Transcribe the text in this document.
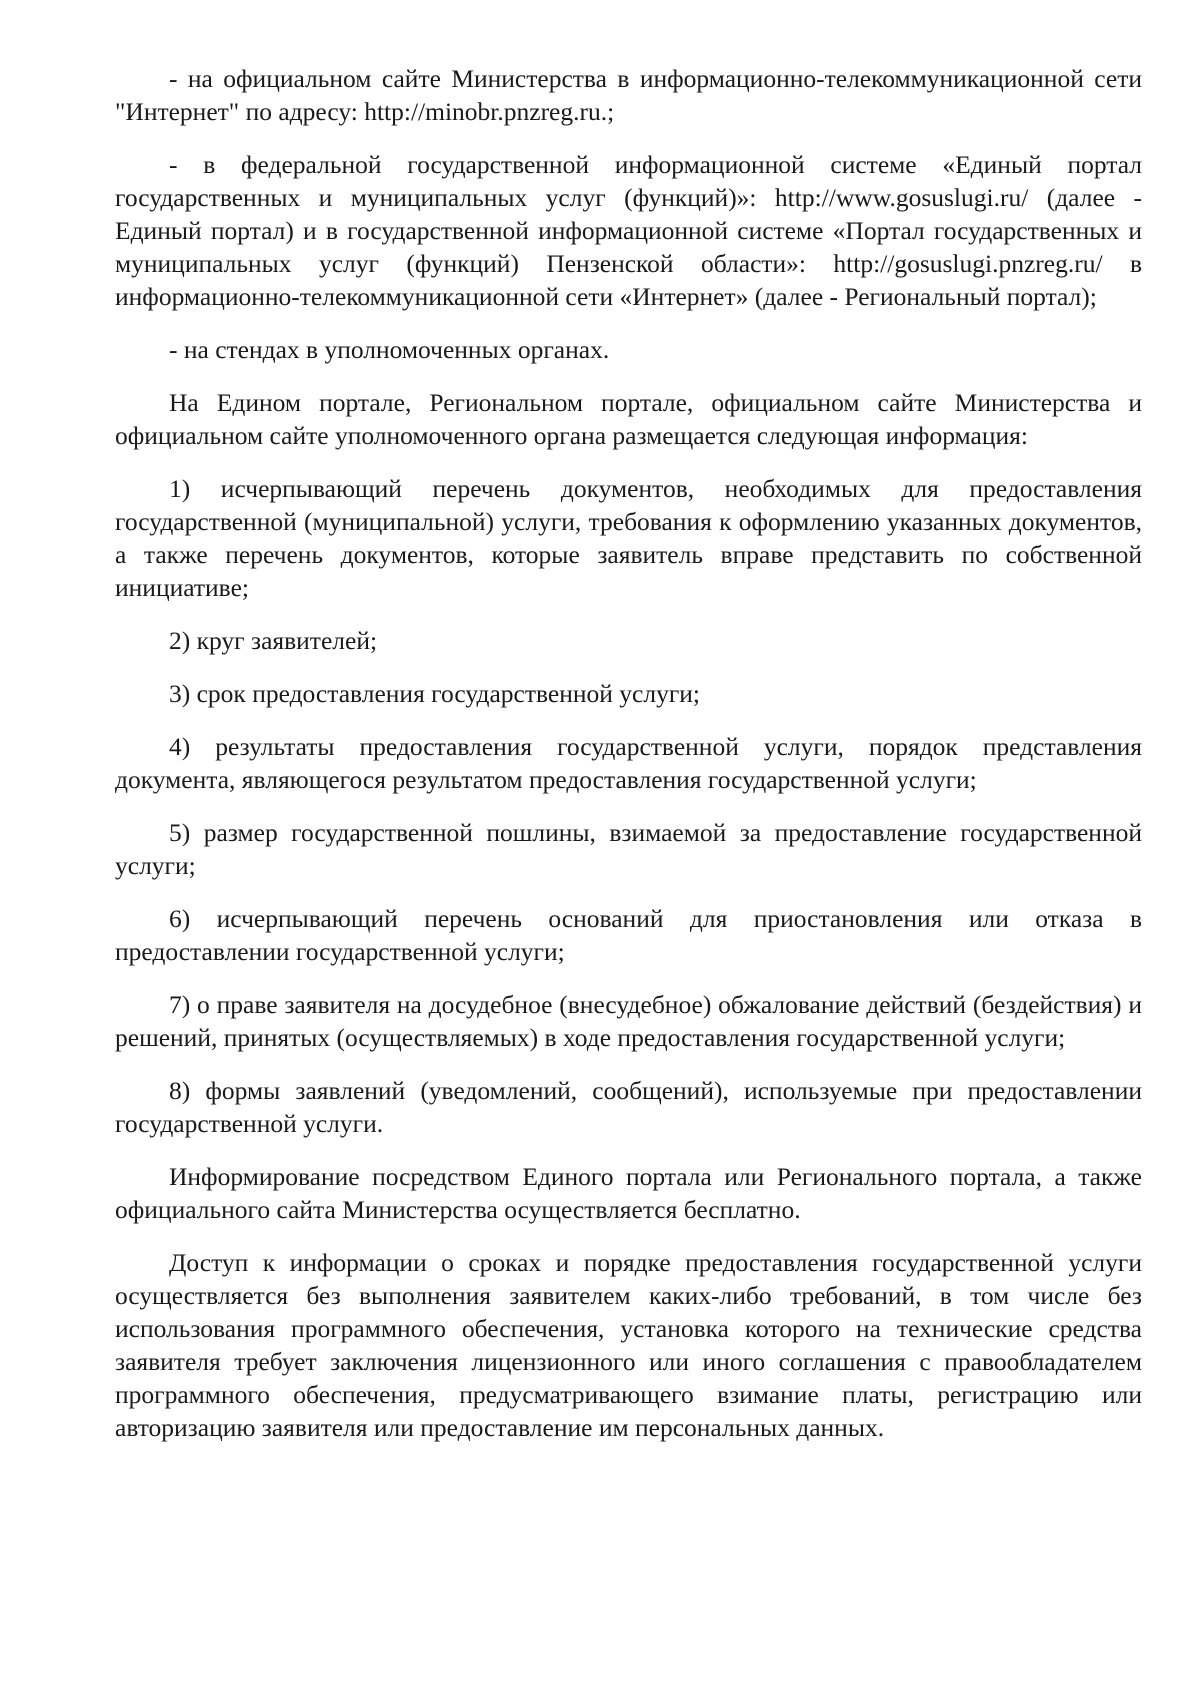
- на официальном сайте Министерства в информационно-телекоммуникационной сети "Интернет" по адресу: http://minobr.pnzreg.ru.;

- в федеральной государственной информационной системе «Единый портал государственных и муниципальных услуг (функций)»: http://www.gosuslugi.ru/ (далее - Единый портал) и в государственной информационной системе «Портал государственных и муниципальных услуг (функций) Пензенской области»: http://gosuslugi.pnzreg.ru/ в информационно-телекоммуникационной сети «Интернет» (далее - Региональный портал);

- на стендах в уполномоченных органах.

На Едином портале, Региональном портале, официальном сайте Министерства и официальном сайте уполномоченного органа размещается следующая информация:

1) исчерпывающий перечень документов, необходимых для предоставления государственной (муниципальной) услуги, требования к оформлению указанных документов, а также перечень документов, которые заявитель вправе представить по собственной инициативе;

2) круг заявителей;

3) срок предоставления государственной услуги;

4) результаты предоставления государственной услуги, порядок представления документа, являющегося результатом предоставления государственной услуги;

5) размер государственной пошлины, взимаемой за предоставление государственной услуги;

6) исчерпывающий перечень оснований для приостановления или отказа в предоставлении государственной услуги;

7) о праве заявителя на досудебное (внесудебное) обжалование действий (бездействия) и решений, принятых (осуществляемых) в ходе предоставления государственной услуги;

8) формы заявлений (уведомлений, сообщений), используемые при предоставлении государственной услуги.

Информирование посредством Единого портала или Регионального портала, а также официального сайта Министерства осуществляется бесплатно.

Доступ к информации о сроках и порядке предоставления государственной услуги осуществляется без выполнения заявителем каких-либо требований, в том числе без использования программного обеспечения, установка которого на технические средства заявителя требует заключения лицензионного или иного соглашения с правообладателем программного обеспечения, предусматривающего взимание платы, регистрацию или авторизацию заявителя или предоставление им персональных данных.
